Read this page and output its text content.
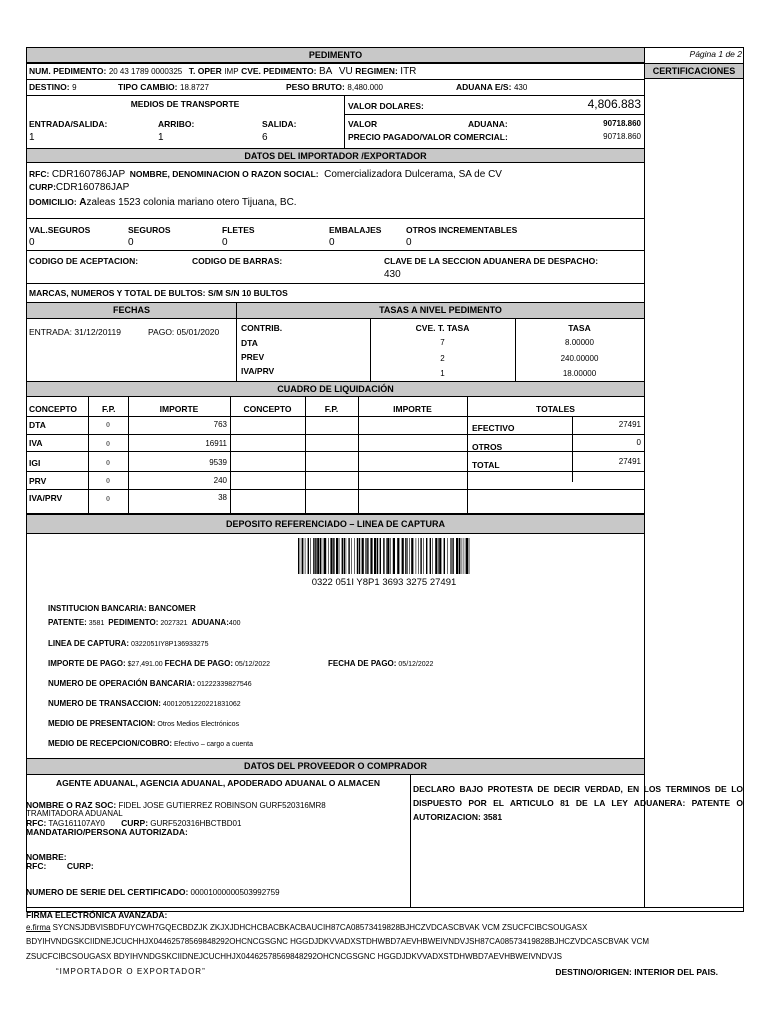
PEDIMENTO	Página 1 de 2
CERTIFICACIONES
NUM. PEDIMENTO: 20 43 1789 0000325 T. OPER IMP CVE. PEDIMENTO: BA VU REGIMEN: ITR
DESTINO: 9	TIPO CAMBIO: 18.8727	PESO BRUTO: 8,480.000	ADUANA E/S: 430
MEDIOS DE TRANSPORTE
ENTRADA/SALIDA:	ARRIBO:	SALIDA:
1	1	6
VALOR DOLARES:	4,806.883
VALOR	ADUANA:	90718.860
PRECIO PAGADO/VALOR COMERCIAL:	90718.860
DATOS DEL IMPORTADOR /EXPORTADOR
RFC: CDR160786JAP NOMBRE, DENOMINACION O RAZON SOCIAL: Comercializadora Dulcerama, SA de CV
CURP:CDR160786JAP
DOMICILIO: Azaleas 1523 colonia mariano otero Tijuana, BC.
VAL.SEGUROS	SEGUROS	FLETES	EMBALAJES	OTROS INCREMENTABLES
0	0	0	0	0
CODIGO DE ACEPTACION:	CODIGO DE BARRAS:	CLAVE DE LA SECCION ADUANERA DE DESPACHO:
430
MARCAS, NUMEROS Y TOTAL DE BULTOS: S/M S/N 10 BULTOS
FECHAS	TASAS A NIVEL PEDIMENTO
ENTRADA: 31/12/20119	PAGO: 05/01/2020	CONTRIB.	CVE. T. TASA	TASA
DTA	7	8.00000
PREV	2	240.00000
IVA/PRV	1	18.00000
CUADRO DE LIQUIDACIÓN
CONCEPTO	F.P.	IMPORTE	CONCEPTO	F.P.	IMPORTE	TOTALES
DTA	0	763
IVA	0	16911
IGI	0	9539
PRV	0	240
IVA/PRV	0	38
EFECTIVO	27491
OTROS	0
TOTAL	27491
DEPOSITO REFERENCIADO – LINEA DE CAPTURA
0322 051I Y8P1 3693 3275 27491
INSTITUCION BANCARIA: BANCOMER
PATENTE: 3581 PEDIMENTO: 2027321 ADUANA:400
LINEA DE CAPTURA: 0322051IY8P136933275
IMPORTE DE PAGO: $27,491.00 FECHA DE PAGO: 05/12/2022	FECHA DE PAGO: 05/12/2022
NUMERO DE OPERACIÓN BANCARIA: 01222339827546
NUMERO DE TRANSACCION: 40012051220221831062
MEDIO DE PRESENTACION: Otros Medios Electrónicos
MEDIO DE RECEPCION/COBRO: Efectivo – cargo a cuenta
DATOS DEL PROVEEDOR O COMPRADOR
AGENTE ADUANAL, AGENCIA ADUANAL, APODERADO ADUANAL O ALMACEN
DECLARO BAJO PROTESTA DE DECIR VERDAD, EN LOS TERMINOS DE LO DISPUESTO POR EL ARTICULO 81 DE LA LEY ADUANERA: PATENTE O AUTORIZACION: 3581
NOMBRE O RAZ SOC: FIDEL JOSE GUTIERREZ ROBINSON GURF520316MR8
TRAMITADORA ADUANAL
RFC: TAG161107AY0 CURP: GURF520316HBCTBD01
MANDATARIO/PERSONA AUTORIZADA:
NOMBRE:
RFC: CURP:
NUMERO DE SERIE DEL CERTIFICADO: 00001000000503992759
FIRMA ELECTRÓNICA AVANZADA:
e.firma SYCNSJDBVISBDFUYCWH7GQECBDZJK ZKJXJDHCHCBACBKACBAUCIH87CA08573419828BJHCZVDCASCBVAK VCM ZSUCFCIBCSOUGASX
BDYIHVNDGSKCIIDNEJCUCHHJX04462578569848292OHCNCGSGNC HGGDJDKVVADXSTDHWBD7AEVHBWEIVNDVJSH87CA08573419828BJHCZVDCASCBVAK VCM
ZSUCFCIBCSOUGASX BDYIHVNDGSKCIIDNEJCUCHHJX04462578569848292OHCNCGSGNC HGGDJDKVVADXSTDHWBD7AEVHBWEIVNDVJS
“IMPORTADOR O EXPORTADOR”	DESTINO/ORIGEN: INTERIOR DEL PAIS.
